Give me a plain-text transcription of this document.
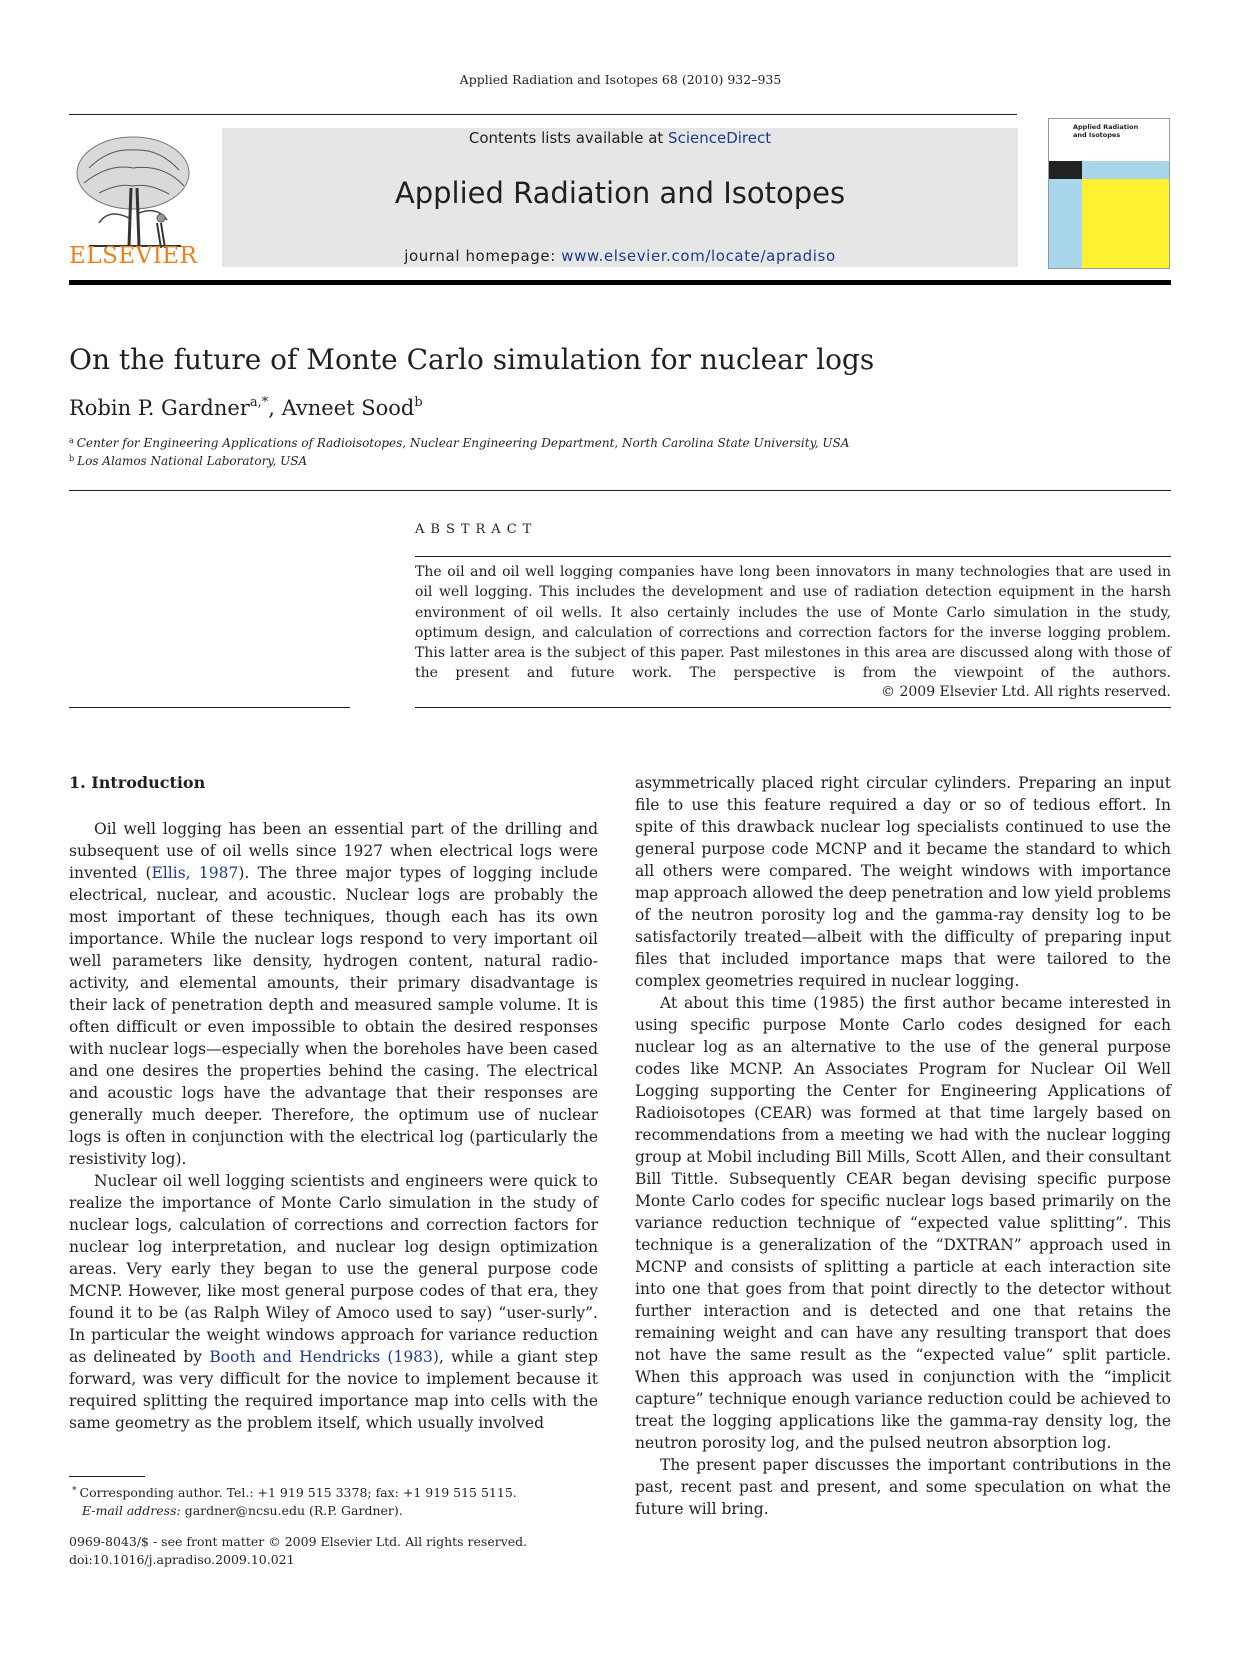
Applied Radiation and Isotopes 68 (2010) 932–935
ELSEVIER
Contents lists available at ScienceDirect
Applied Radiation and Isotopes
journal homepage: www.elsevier.com/locate/apradiso
Applied Radiation and Isotopes
On the future of Monte Carlo simulation for nuclear logs
Robin P. Gardner$^{a,*}$, Avneet Sood$^b$
$^a$ Center for Engineering Applications of Radioisotopes, Nuclear Engineering Department, North Carolina State University, USA
$^b$ Los Alamos National Laboratory, USA
ABSTRACT
The oil and oil well logging companies have long been innovators in many technologies that are used in oil well logging. This includes the development and use of radiation detection equipment in the harsh environment of oil wells. It also certainly includes the use of Monte Carlo simulation in the study, optimum design, and calculation of corrections and correction factors for the inverse logging problem. This latter area is the subject of this paper. Past milestones in this area are discussed along with those of the present and future work. The perspective is from the viewpoint of the authors.
© 2009 Elsevier Ltd. All rights reserved.
1. Introduction

Oil well logging has been an essential part of the drilling and subsequent use of oil wells since 1927 when electrical logs were invented (Ellis, 1987). The three major types of logging include electrical, nuclear, and acoustic. Nuclear logs are probably the most important of these techniques, though each has its own importance. While the nuclear logs respond to very important oil well parameters like density, hydrogen content, natural radio-activity, and elemental amounts, their primary disadvantage is their lack of penetration depth and measured sample volume. It is often difficult or even impossible to obtain the desired responses with nuclear logs—especially when the boreholes have been cased and one desires the properties behind the casing. The electrical and acoustic logs have the advantage that their responses are generally much deeper. Therefore, the optimum use of nuclear logs is often in conjunction with the electrical log (particularly the resistivity log).

Nuclear oil well logging scientists and engineers were quick to realize the importance of Monte Carlo simulation in the study of nuclear logs, calculation of corrections and correction factors for nuclear log interpretation, and nuclear log design optimization areas. Very early they began to use the general purpose code MCNP. However, like most general purpose codes of that era, they found it to be (as Ralph Wiley of Amoco used to say) “user-surly”. In particular the weight windows approach for variance reduction as delineated by Booth and Hendricks (1983), while a giant step forward, was very difficult for the novice to implement because it required splitting the required importance map into cells with the same geometry as the problem itself, which usually involved

asymmetrically placed right circular cylinders. Preparing an input file to use this feature required a day or so of tedious effort. In spite of this drawback nuclear log specialists continued to use the general purpose code MCNP and it became the standard to which all others were compared. The weight windows with importance map approach allowed the deep penetration and low yield problems of the neutron porosity log and the gamma-ray density log to be satisfactorily treated—albeit with the difficulty of preparing input files that included importance maps that were tailored to the complex geometries required in nuclear logging.

At about this time (1985) the first author became interested in using specific purpose Monte Carlo codes designed for each nuclear log as an alternative to the use of the general purpose codes like MCNP. An Associates Program for Nuclear Oil Well Logging supporting the Center for Engineering Applications of Radioisotopes (CEAR) was formed at that time largely based on recommendations from a meeting we had with the nuclear logging group at Mobil including Bill Mills, Scott Allen, and their consultant Bill Tittle. Subsequently CEAR began devising specific purpose Monte Carlo codes for specific nuclear logs based primarily on the variance reduction technique of “expected value splitting”. This technique is a generalization of the “DXTRAN” approach used in MCNP and consists of splitting a particle at each interaction site into one that goes from that point directly to the detector without further interaction and is detected and one that retains the remaining weight and can have any resulting transport that does not have the same result as the “expected value” split particle. When this approach was used in conjunction with the “implicit capture” technique enough variance reduction could be achieved to treat the logging applications like the gamma-ray density log, the neutron porosity log, and the pulsed neutron absorption log.

The present paper discusses the important contributions in the past, recent past and present, and some speculation on what the future will bring.

* Corresponding author. Tel.: +1 919 515 3378; fax: +1 919 515 5115.
E-mail address: gardner@ncsu.edu (R.P. Gardner).
0969-8043/$ - see front matter © 2009 Elsevier Ltd. All rights reserved.
doi:10.1016/j.apradiso.2009.10.021
